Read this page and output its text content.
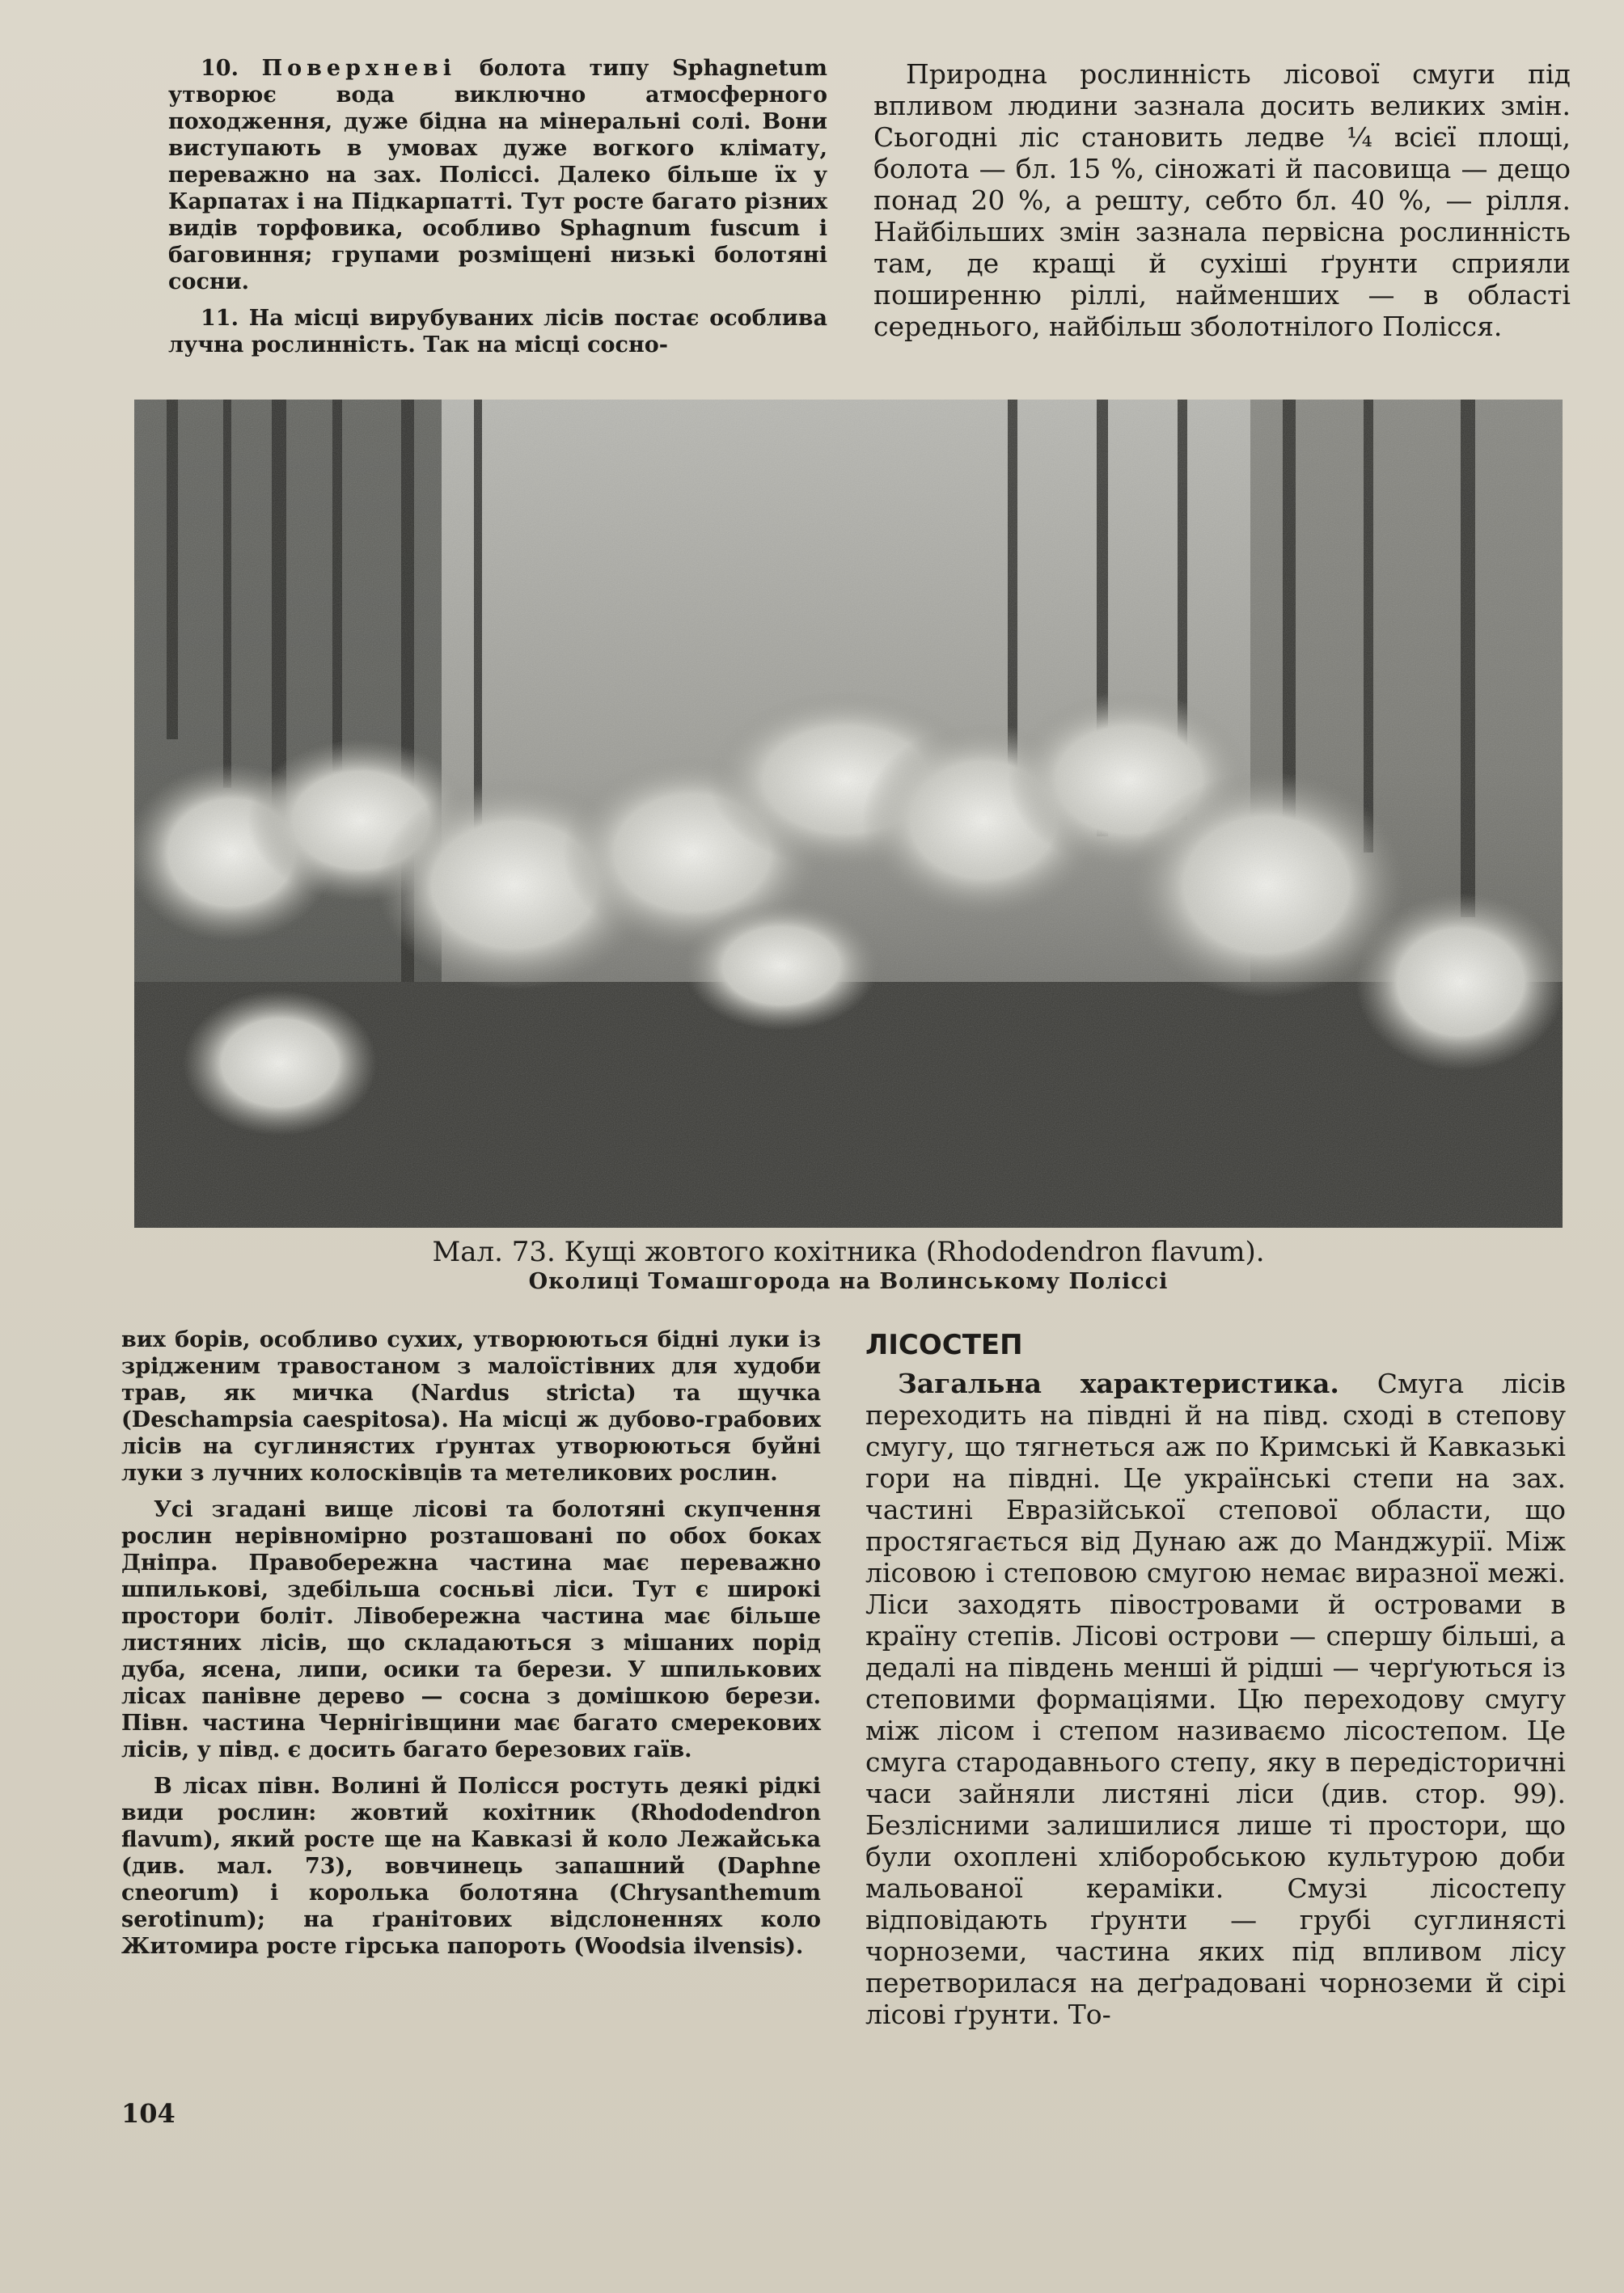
10. Поверхневі болота типу Sphagnetum утворює вода виключно атмосферного походження, дуже бідна на мінеральні солі. Вони виступають в умовах дуже вогкого клімату, переважно на зах. Поліссі. Далеко більше їх у Карпатах і на Підкарпатті. Тут росте багато різних видів торфовика, особливо Sphagnum fuscum і баговиння; групами розміщені низькі болотяні сосни.

11. На місці вирубуваних лісів постає особлива лучна рослинність. Так на місці сосно-

Природна рослинність лісової смуги під впливом людини зазнала досить великих змін. Сьогодні ліс становить ледве ¼ всієї площі, болота — бл. 15 %, сіножаті й пасовища — дещо понад 20 %, а решту, себто бл. 40 %, — рілля. Найбільших змін зазнала первісна рослинність там, де кращі й сухіші ґрунти сприяли поширенню ріллі, найменших — в області середнього, найбільш зболотнілого Полісся.

Мал. 73. Кущі жовтого кохітника (Rhododendron flavum).
Околиці Томашгорода на Волинському Поліссі

вих борів, особливо сухих, утворюються бідні луки із зрідженим травостаном з малоїстівних для худоби трав, як мичка (Nardus stricta) та щучка (Deschampsia caespitosa). На місці ж дубово-грабових лісів на суглинястих ґрунтах утворюються буйні луки з лучних колосківців та метеликових рослин.

Усі згадані вище лісові та болотяні скупчення рослин нерівномірно розташовані по обох боках Дніпра. Правобережна частина має переважно шпилькові, здебільша сосньві ліси. Тут є широкі простори боліт. Лівобережна частина має більше листяних лісів, що складаються з мішаних порід дуба, ясена, липи, осики та берези. У шпилькових лісах панівне дерево — сосна з домішкою берези. Півн. частина Чернігівщини має багато смерекових лісів, у півд. є досить багато березових гаїв.

В лісах півн. Волині й Полісся ростуть деякі рідкі види рослин: жовтий кохітник (Rhododendron flavum), який росте ще на Кавказі й коло Лежайська (див. мал. 73), вовчинець запашний (Daphne cneorum) і королька болотяна (Chrysanthemum serotinum); на ґранітових відслоненнях коло Житомира росте гірська папороть (Woodsia ilvensis).

ЛІСОСТЕП

Загальна характеристика. Смуга лісів переходить на півдні й на півд. сході в степову смугу, що тягнеться аж по Кримські й Кавказькі гори на півдні. Це українські степи на зах. частині Евразійської степової области, що простягається від Дунаю аж до Манджурії. Між лісовою і степовою смугою немає виразної межі. Ліси заходять півостровами й островами в країну степів. Лісові острови — спершу більші, а дедалі на південь менші й рідші — черґуються із степовими формаціями. Цю переходову смугу між лісом і степом називаємо лісостепом. Це смуга стародавнього степу, яку в передісторичні часи зайняли листяні ліси (див. стор. 99). Безлісними залишилися лише ті простори, що були охоплені хліборобською культурою доби мальованої кераміки. Смузі лісостепу відповідають ґрунти — грубі суглинясті чорноземи, частина яких під впливом лісу перетворилася на деґрадовані чорноземи й сірі лісові ґрунти. То-

104
